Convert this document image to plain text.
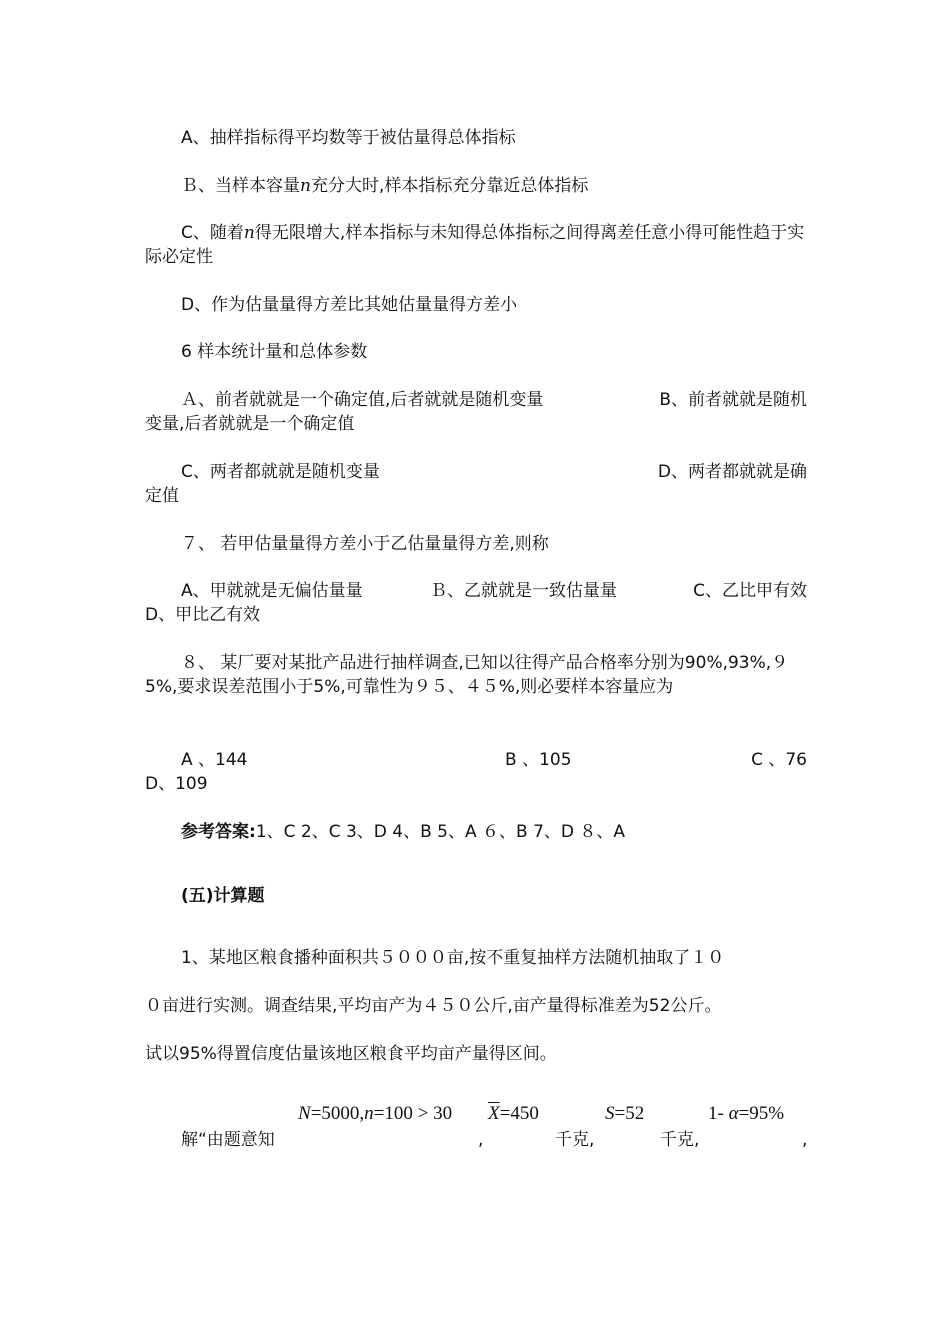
A、抽样指标得平均数等于被估量得总体指标

Ｂ、当样本容量n充分大时,样本指标充分靠近总体指标

C、随着n得无限增大,样本指标与未知得总体指标之间得离差任意小得可能性趋于实际必定性

D、作为估量量得方差比其她估量量得方差小

6 样本统计量和总体参数

Ａ、前者就就是一个确定值,后者就就是随机变量	B、前者就就是随机
变量,后者就就是一个确定值
C、两者都就就是随机变量	D、两者都就就是确
定值

７、 若甲估量量得方差小于乙估量量得方差,则称

A、甲就就是无偏估量量	Ｂ、乙就就是一致估量量	C、乙比甲有效
D、甲比乙有效

８、 某厂要对某批产品进行抽样调查,已知以往得产品合格率分别为90%,93%,９5%,要求误差范围小于5%,可靠性为９５、４５%,则必要样本容量应为

A 、144	B 、105	C 、76
D、109

参考答案:1、C 2、C 3、D 4、B 5、A ６、B 7、D ８、A

(五)计算题

1、某地区粮食播种面积共５０００亩,按不重复抽样方法随机抽取了１０

０亩进行实测。调查结果,平均亩产为４５０公斤,亩产量得标准差为52公斤。

试以95%得置信度估量该地区粮食平均亩产量得区间。

N=5000,n=100 > 30 $\overline{X}=450$	S=52	1- α=95%
解“由题意知	,	千克,	千克,	,
